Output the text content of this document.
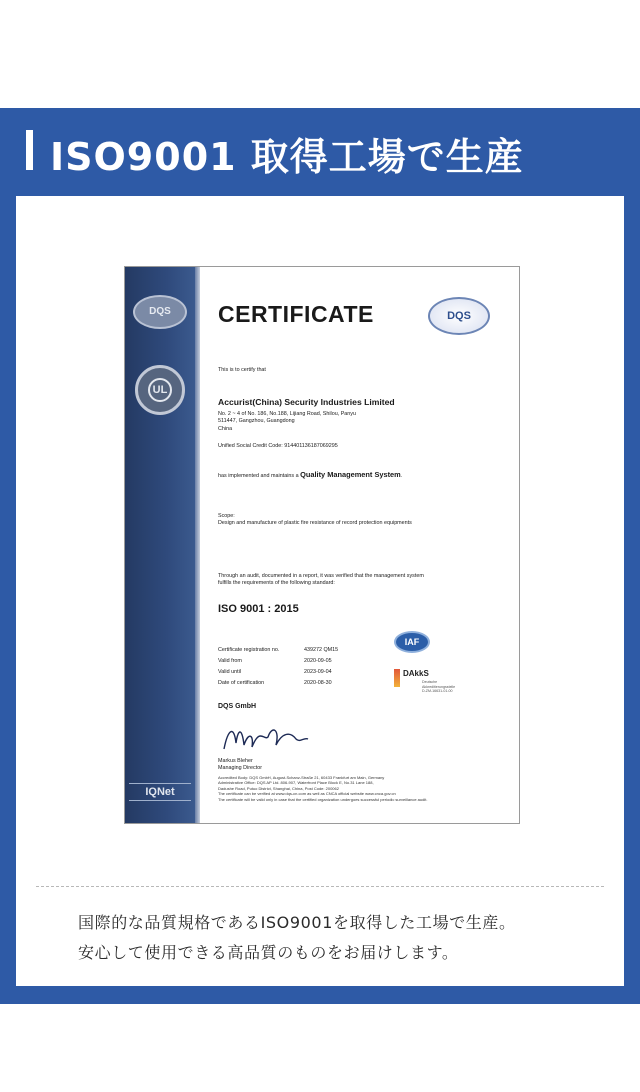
ISO9001 取得工場で生産
DQS
UL
IQNet
CERTIFICATE	DQS
This is to certify that
Accurist(China) Security Industries Limited
No. 2 ~ 4 of No. 186, No.188, Lijiang Road, Shilou, Panyu
511447, Gangzhou, Guangdong
China
Unified Social Credit Code: 914401136187069295
has implemented and maintains a Quality Management System.
Scope:
Design and manufacture of plastic fire resistance of record protection equipments
Through an audit, documented in a report, it was verified that the management system
fulfills the requirements of the following standard:
ISO 9001 : 2015
Certificate registration no.	439272 QM15
Valid from	2020-09-05
Valid until	2023-09-04
Date of certification	2020-08-30
IAF
DAkkS
Deutsche
Akkreditierungsstelle
D-ZM-16631-01-00
DQS GmbH
Markus Bleher
Managing Director
Accredited Body: DQS GmbH, August-Schanz-Straße 21, 60433 Frankfurt am Main, Germany
Administrative Office: DQS AP Ltd. 806-907, Waterfront Place Block E, No.31 Lane 188,
Dadushe Road, Putuo District, Shanghai, China, Post Code: 200062
The certificate can be verified at www.dqs-cn.com as well as CNCA official website www.cnca.gov.cn
The certificate will be valid only in case that the certified organization undergoes successful periodic surveillance audit.
国際的な品質規格であるISO9001を取得した工場で生産。
安心して使用できる高品質のものをお届けします。
